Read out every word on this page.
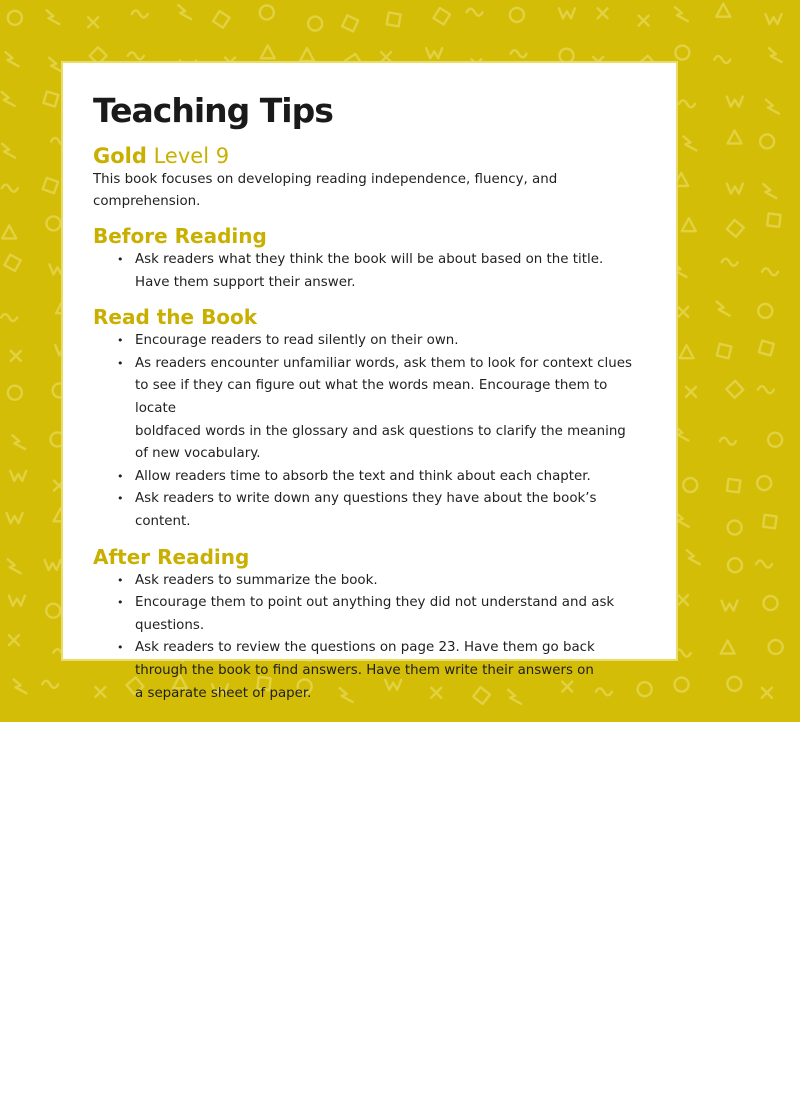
Teaching Tips

Gold Level 9

This book focuses on developing reading independence, fluency, and comprehension.

Before Reading
• Ask readers what they think the book will be about based on the title.
Have them support their answer.
Read the Book
• Encourage readers to read silently on their own.
• As readers encounter unfamiliar words, ask them to look for context clues
to see if they can figure out what the words mean. Encourage them to locate
boldfaced words in the glossary and ask questions to clarify the meaning
of new vocabulary.
• Allow readers time to absorb the text and think about each chapter.
• Ask readers to write down any questions they have about the book’s content.
After Reading
• Ask readers to summarize the book.
• Encourage them to point out anything they did not understand and ask
questions.
• Ask readers to review the questions on page 23. Have them go back
through the book to find answers. Have them write their answers on
a separate sheet of paper.
